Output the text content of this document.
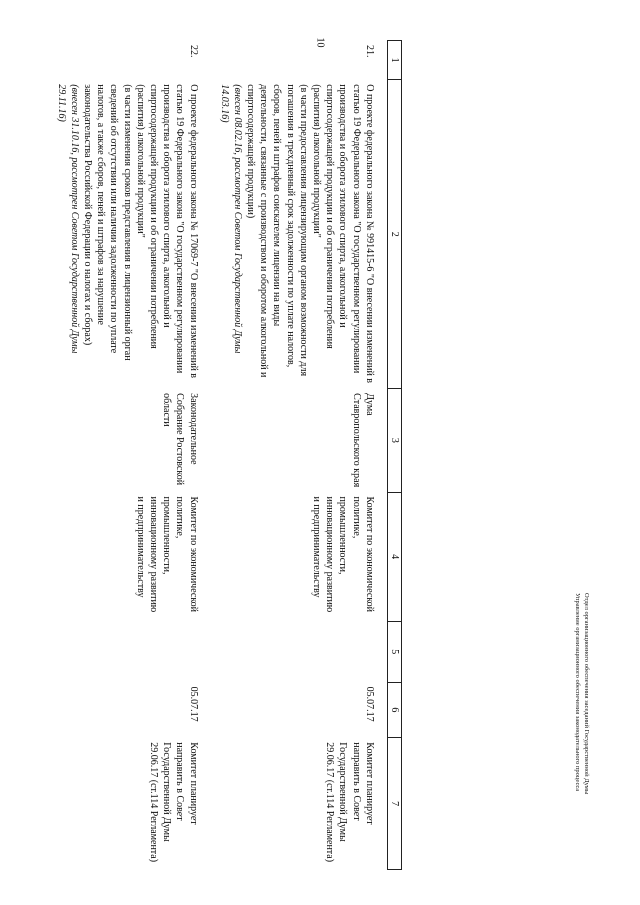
10
1	2	3	4	5	6	7

21.	О проекте федерального закона № 991415-6 "О внесении изменений в статью 19 Федерального закона "О государственном регулировании производства и оборота этилового спирта, алкогольной и спиртосодержащей продукции и об ограничении потребления (распития) алкогольной продукции"
(в части предоставления лицензирующим органом возможности для погашения в трехдневный срок задолженности по уплате налогов, сборов, пеней и штрафов соискателем лицензии на виды деятельности, связанные с производством и оборотом алкогольной и спиртосодержащей продукции)
(внесен 08.02.16, рассмотрен Советом Государственной Думы 14.03.16)	Дума Ставропольского края	Комитет по экономической политике, промышленности, инновационному развитию и предпринимательству		05.07.17	Комитет планирует направить в Совет Государственной Думы 29.06.17 (ст.114 Регламента)

22.	О проекте федерального закона № 17069-7 "О внесении изменений в статью 19 Федерального закона "О государственном регулировании производства и оборота этилового спирта, алкогольной и спиртосодержащей продукции и об ограничении потребления (распития) алкогольной продукции"
(в части изменения сроков представления в лицензионный орган сведений об отсутствии или наличии задолженности по уплате налогов, а также сборов, пеней и штрафов за нарушение законодательства Российской Федерации о налогах и сборах)
(внесен 31.10.16, рассмотрен Советом Государственной Думы 29.11.16)	Законодательное Собрание Ростовской области	Комитет по экономической политике, промышленности, инновационному развитию и предпринимательству		05.07.17	Комитет планирует направить в Совет Государственной Думы 29.06.17 (ст.114 Регламента)
Отдел организационного обеспечения заседаний Государственной Думы
Управление организационного обеспечения законодательного процесса
